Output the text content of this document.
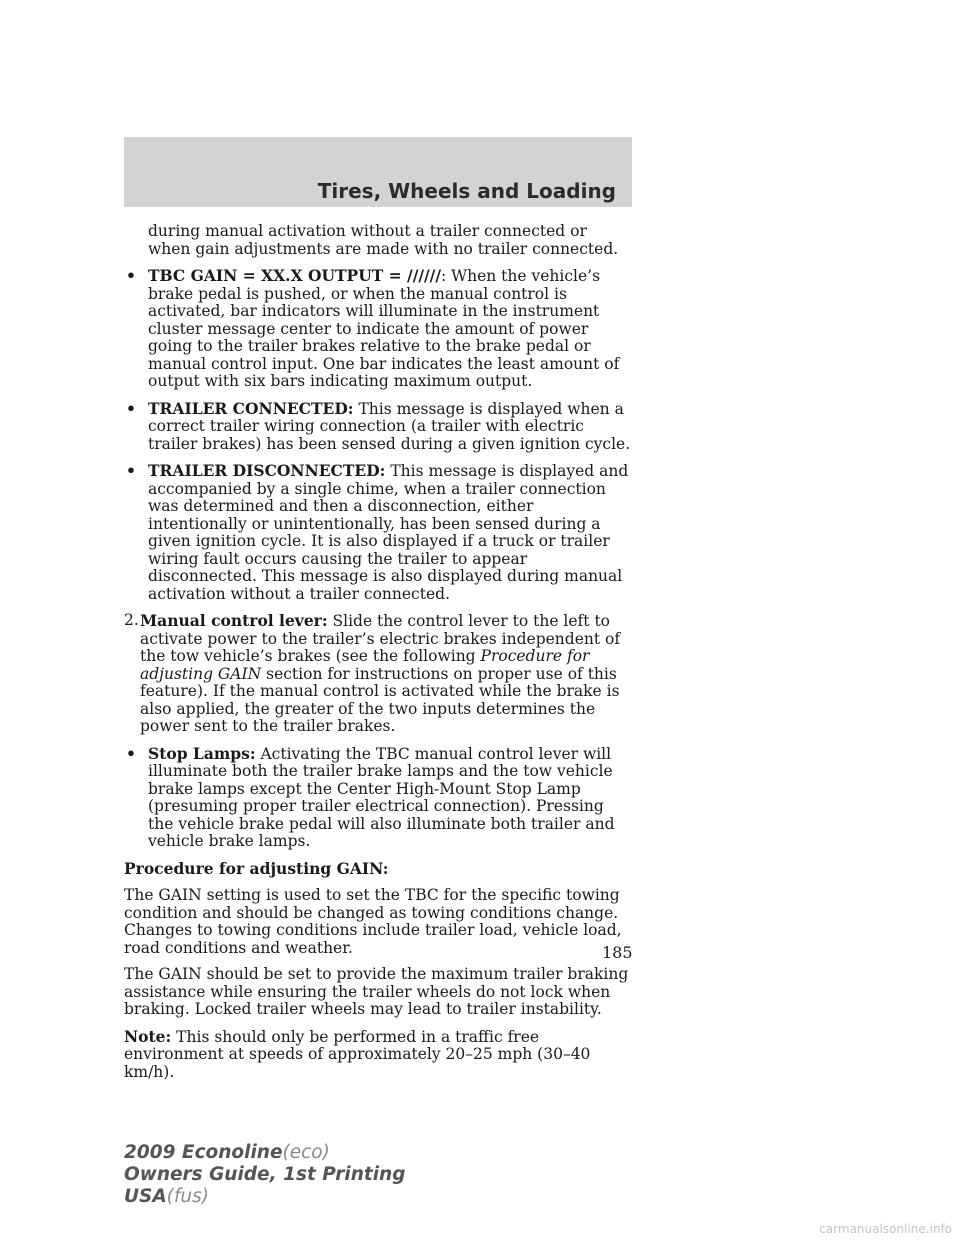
Tires, Wheels and Loading

during manual activation without a trailer connected or when gain adjustments are made with no trailer connected.

• TBC GAIN = XX.X OUTPUT = //////: When the vehicle’s brake pedal is pushed, or when the manual control is activated, bar indicators will illuminate in the instrument cluster message center to indicate the amount of power going to the trailer brakes relative to the brake pedal or manual control input. One bar indicates the least amount of output with six bars indicating maximum output.

• TRAILER CONNECTED: This message is displayed when a correct trailer wiring connection (a trailer with electric trailer brakes) has been sensed during a given ignition cycle.

• TRAILER DISCONNECTED: This message is displayed and accompanied by a single chime, when a trailer connection was determined and then a disconnection, either intentionally or unintentionally, has been sensed during a given ignition cycle. It is also displayed if a truck or trailer wiring fault occurs causing the trailer to appear disconnected. This message is also displayed during manual activation without a trailer connected.

2. Manual control lever: Slide the control lever to the left to activate power to the trailer’s electric brakes independent of the tow vehicle’s brakes (see the following Procedure for adjusting GAIN section for instructions on proper use of this feature). If the manual control is activated while the brake is also applied, the greater of the two inputs determines the power sent to the trailer brakes.

• Stop Lamps: Activating the TBC manual control lever will illuminate both the trailer brake lamps and the tow vehicle brake lamps except the Center High-Mount Stop Lamp (presuming proper trailer electrical connection). Pressing the vehicle brake pedal will also illuminate both trailer and vehicle brake lamps.

Procedure for adjusting GAIN:

The GAIN setting is used to set the TBC for the specific towing condition and should be changed as towing conditions change. Changes to towing conditions include trailer load, vehicle load, road conditions and weather.

The GAIN should be set to provide the maximum trailer braking assistance while ensuring the trailer wheels do not lock when braking. Locked trailer wheels may lead to trailer instability.

Note: This should only be performed in a traffic free environment at speeds of approximately 20–25 mph (30–40 km/h).

185
2009 Econoline(eco)
Owners Guide, 1st Printing
USA(fus)
carmanualsonline.info
